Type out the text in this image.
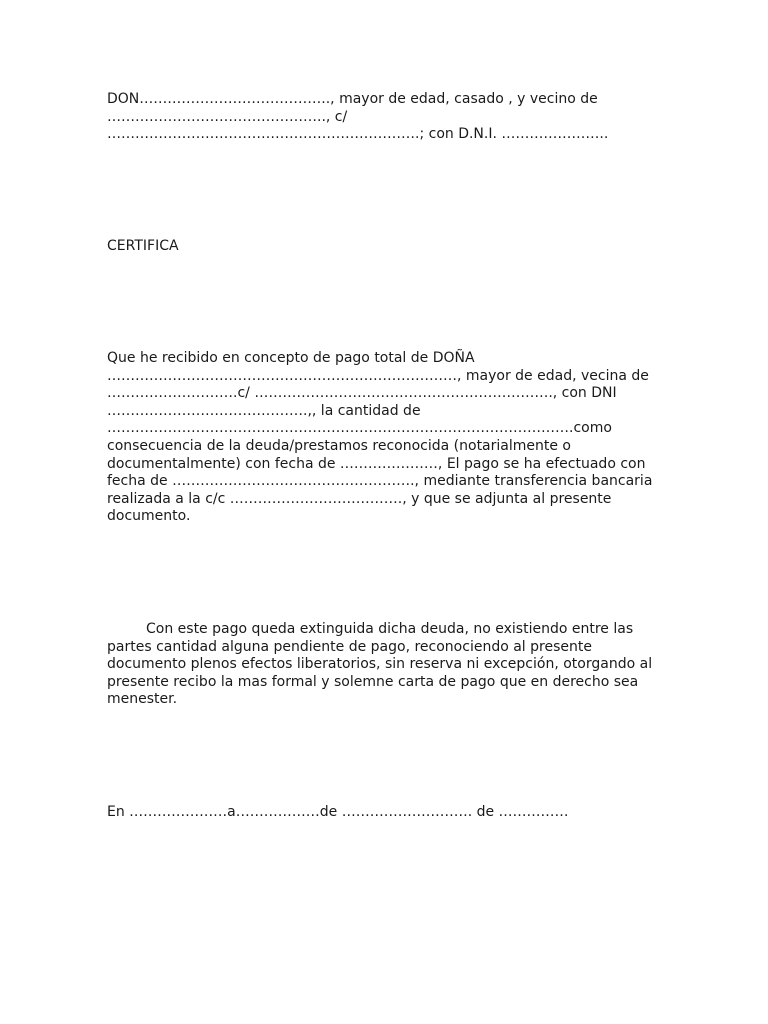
DON………………………………….., mayor de edad, casado , y vecino de
……………………………………….., c/
………………………………………………………….; con D.N.I. …………………..
CERTIFICA
Que he recibido en concepto de pago total de DOÑA
…………………………………………………………………, mayor de edad, vecina de
……………………….c/ ………………………………………………………., con DNI
…………………………………….,, la cantidad de
……………………………………………………………………………………….como
consecuencia de la deuda/prestamos reconocida (notarialmente o
documentalmente) con fecha de …………………, El pago se ha efectuado con
fecha de ……………………………………………., mediante transferencia bancaria
realizada a la c/c ………………………………., y que se adjunta al presente
documento.
Con este pago queda extinguida dicha deuda, no existiendo entre las
partes cantidad alguna pendiente de pago, reconociendo al presente
documento plenos efectos liberatorios, sin reserva ni excepción, otorgando al
presente recibo la mas formal y solemne carta de pago que en derecho sea
menester.
En …………………a………………de ………………………. de ……………
